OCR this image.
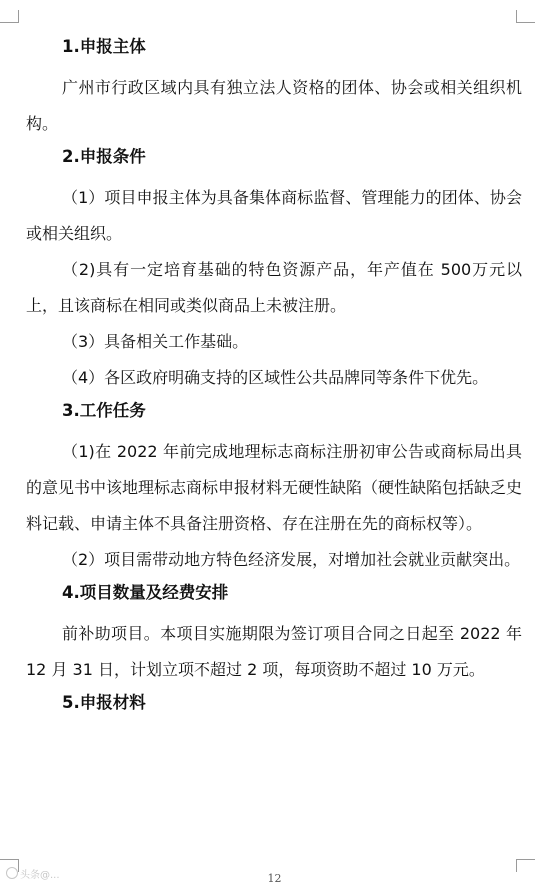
1.申报主体

广州市行政区域内具有独立法人资格的团体、协会或相关组织机构。

2.申报条件

（1）项目申报主体为具备集体商标监督、管理能力的团体、协会或相关组织。

（2)具有一定培育基础的特色资源产品，年产值在 500万元以上，且该商标在相同或类似商品上未被注册。

（3）具备相关工作基础。

（4）各区政府明确支持的区域性公共品牌同等条件下优先。

3.工作任务

（1)在 2022 年前完成地理标志商标注册初审公告或商标局出具的意见书中该地理标志商标申报材料无硬性缺陷（硬性缺陷包括缺乏史料记载、申请主体不具备注册资格、存在注册在先的商标权等）。

（2）项目需带动地方特色经济发展，对增加社会就业贡献突出。

4.项目数量及经费安排

前补助项目。本项目实施期限为签订项目合同之日起至 2022 年 12 月 31 日，计划立项不超过 2 项，每项资助不超过 10 万元。

5.申报材料
头条@...	12
